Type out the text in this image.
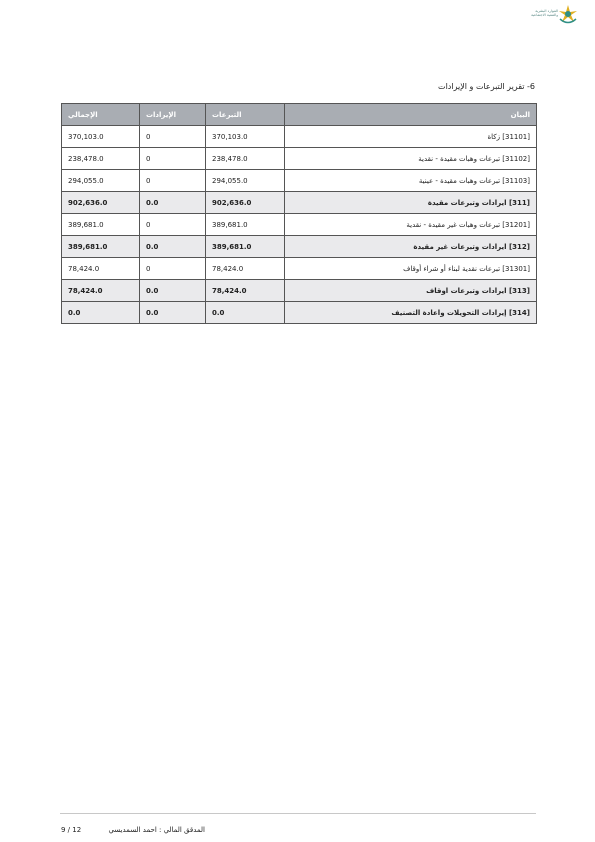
الموارد البشرية
والتنمية الاجتماعية
6- تقرير التبرعات و الإيرادات
البيان	التبرعات	الإيرادات	الإجمالي
[31101] زكاة	370,103.0	0	370,103.0
[31102] تبرعات وهبات مقيدة - نقدية	238,478.0	0	238,478.0
[31103] تبرعات وهبات مقيدة - عينية	294,055.0	0	294,055.0
[311] ايرادات وتبرعات مقيدة	902,636.0	0.0	902,636.0
[31201] تبرعات وهبات غير مقيدة - نقدية	389,681.0	0	389,681.0
[312] ايرادات وتبرعات غير مقيدة	389,681.0	0.0	389,681.0
[31301] تبرعات نقدية لبناء أو شراء أوقاف	78,424.0	0	78,424.0
[313] ايرادات وتبرعات اوقاف	78,424.0	0.0	78,424.0
[314] إيرادات التحويلات واعادة التصنيف	0.0	0.0	0.0
المدقق المالي : احمد السمديسي
9 / 12
